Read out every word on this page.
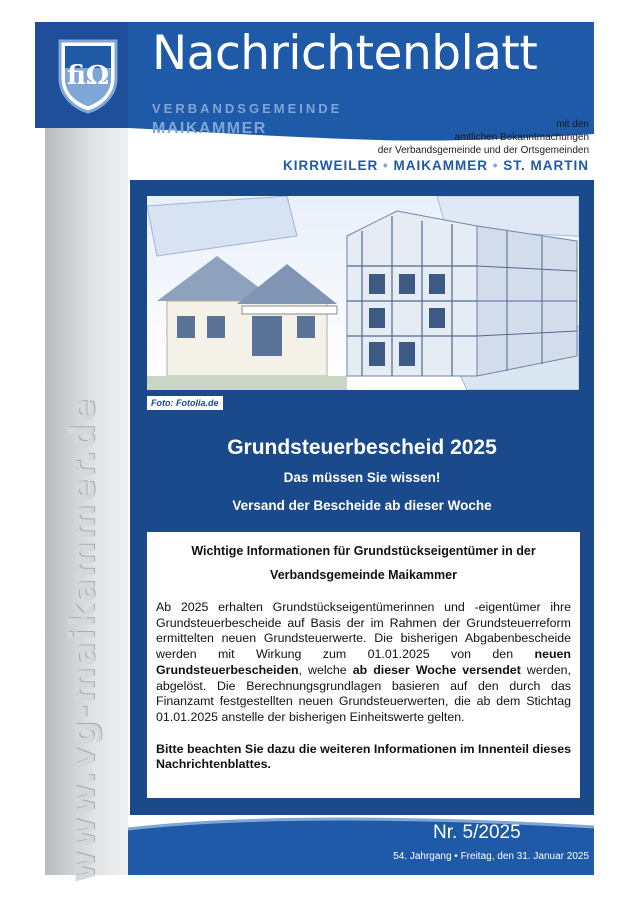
fiΩ
www.vg-maikammer.de
Nachrichtenblatt
VERBANDSGEMEINDE
MAIKAMMER	mit den
amtlichen Bekanntmachungen
der Verbandsgemeinde und der Ortsgemeinden
KIRRWEILER • MAIKAMMER • ST. MARTIN
Foto: Fotolia.de
Grundsteuerbescheid 2025
Das müssen Sie wissen!
Versand der Bescheide ab dieser Woche
Wichtige Informationen für Grundstückseigentümer in der
Verbandsgemeinde Maikammer
Ab 2025 erhalten Grundstückseigentümerinnen und -eigentümer ihre Grundsteuerbescheide auf Basis der im Rahmen der Grundsteuerreform ermittelten neuen Grundsteuerwerte. Die bisherigen Abgabenbescheide werden mit Wirkung zum 01.01.2025 von den neuen Grundsteuerbescheiden, welche ab dieser Woche versendet werden, abgelöst. Die Berechnungsgrundlagen basieren auf den durch das Finanzamt festgestellten neuen Grundsteuerwerten, die ab dem Stichtag 01.01.2025 anstelle der bisherigen Einheitswerte gelten.
Bitte beachten Sie dazu die weiteren Informationen im Innenteil dieses Nachrichtenblattes.
Nr. 5/2025
54. Jahrgang • Freitag, den 31. Januar 2025
